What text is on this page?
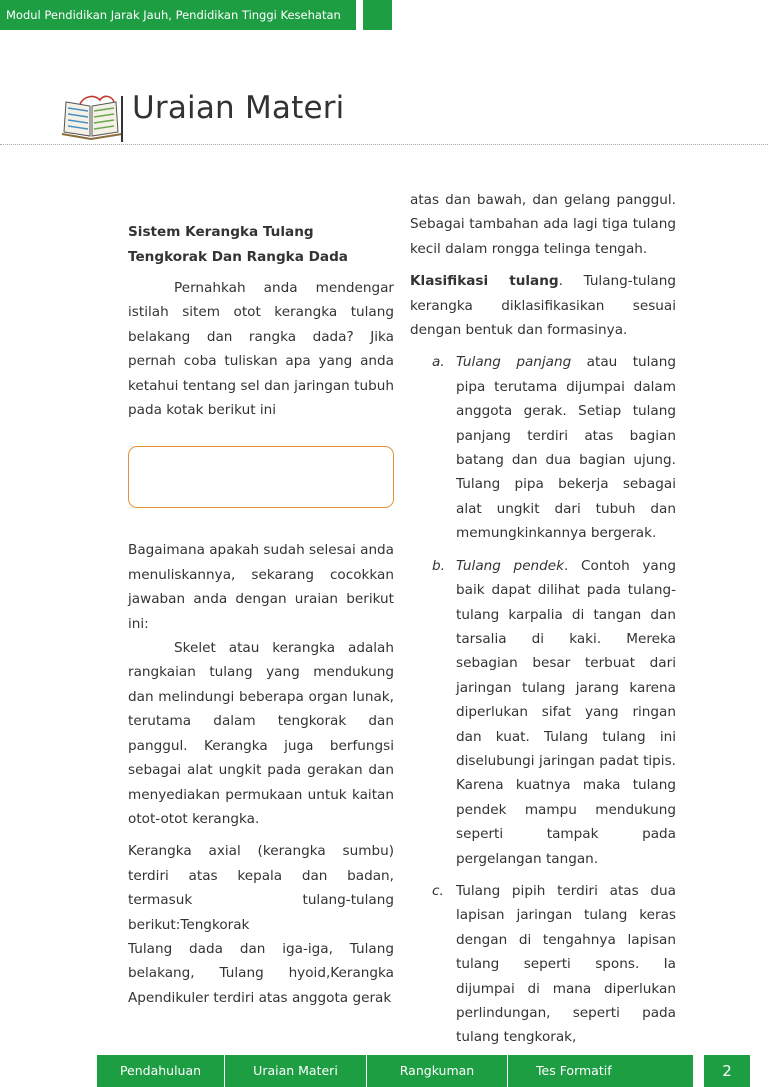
Modul Pendidikan Jarak Jauh, Pendidikan Tinggi Kesehatan
Uraian Materi
Sistem Kerangka Tulang Tengkorak Dan Rangka Dada

Pernahkah anda mendengar istilah sitem otot kerangka tulang belakang dan rangka dada? Jika pernah coba tuliskan apa yang anda ketahui tentang sel dan jaringan tubuh pada kotak berikut ini

Bagaimana apakah sudah selesai anda menuliskannya, sekarang cocokkan jawaban anda dengan uraian berikut ini:

Skelet atau kerangka adalah rangkaian tulang yang mendukung dan melindungi beberapa organ lunak, terutama dalam tengkorak dan panggul. Kerangka juga berfungsi sebagai alat ungkit pada gerakan dan menyediakan permukaan untuk kaitan otot-otot kerangka.

Kerangka axial (kerangka sumbu) terdiri atas kepala dan badan, termasuk tulang-tulang berikut:Tengkorak

Tulang dada dan iga-iga, Tulang belakang, Tulang hyoid,Kerangka Apendikuler terdiri atas anggota gerak

atas dan bawah, dan gelang panggul. Sebagai tambahan ada lagi tiga tulang kecil dalam rongga telinga tengah.

Klasifikasi tulang. Tulang-tulang kerangka diklasifikasikan sesuai dengan bentuk dan formasinya.

a. Tulang panjang atau tulang pipa terutama dijumpai dalam anggota gerak. Setiap tulang panjang terdiri atas bagian batang dan dua bagian ujung. Tulang pipa bekerja sebagai alat ungkit dari tubuh dan memungkinkannya bergerak.

b. Tulang pendek. Contoh yang baik dapat dilihat pada tulang-tulang karpalia di tangan dan tarsalia di kaki. Mereka sebagian besar terbuat dari jaringan tulang jarang karena diperlukan sifat yang ringan dan kuat. Tulang tulang ini diselubungi jaringan padat tipis. Karena kuatnya maka tulang pendek mampu mendukung seperti tampak pada pergelangan tangan.

c. Tulang pipih terdiri atas dua lapisan jaringan tulang keras dengan di tengahnya lapisan tulang seperti spons. Ia dijumpai di mana diperlukan perlindungan, seperti pada tulang tengkorak,

Pendahuluan	Uraian Materi	Rangkuman	Tes Formatif	2
